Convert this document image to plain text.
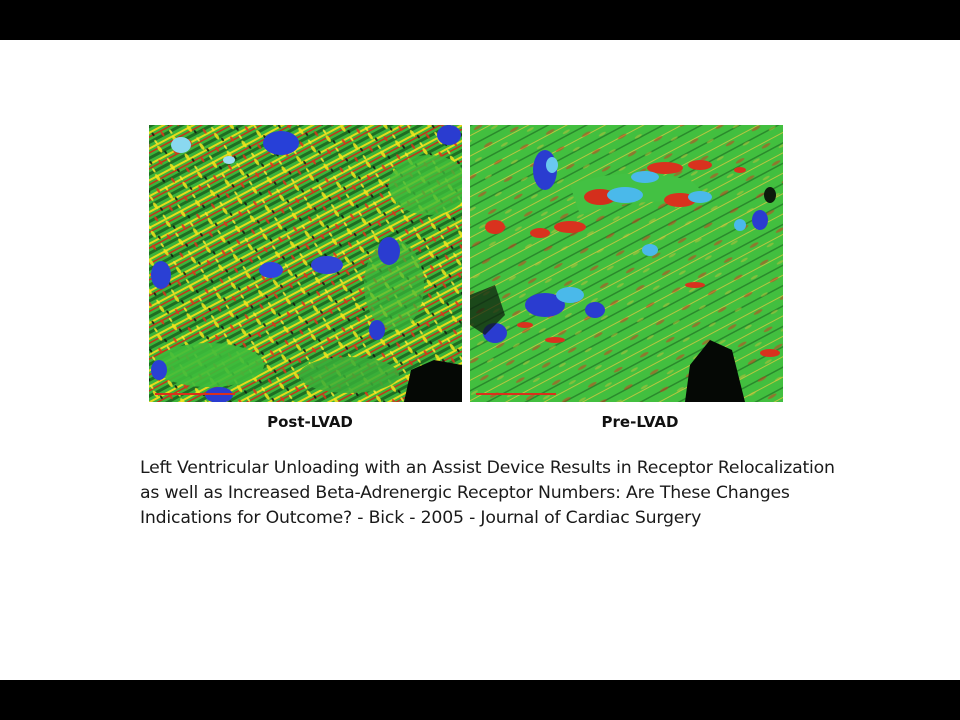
Post-LVAD	Pre-LVAD
Left Ventricular Unloading with an Assist Device Results in Receptor Relocalization
as well as Increased Beta-Adrenergic Receptor Numbers: Are These Changes
Indications for Outcome? - Bick - 2005 - Journal of Cardiac Surgery
